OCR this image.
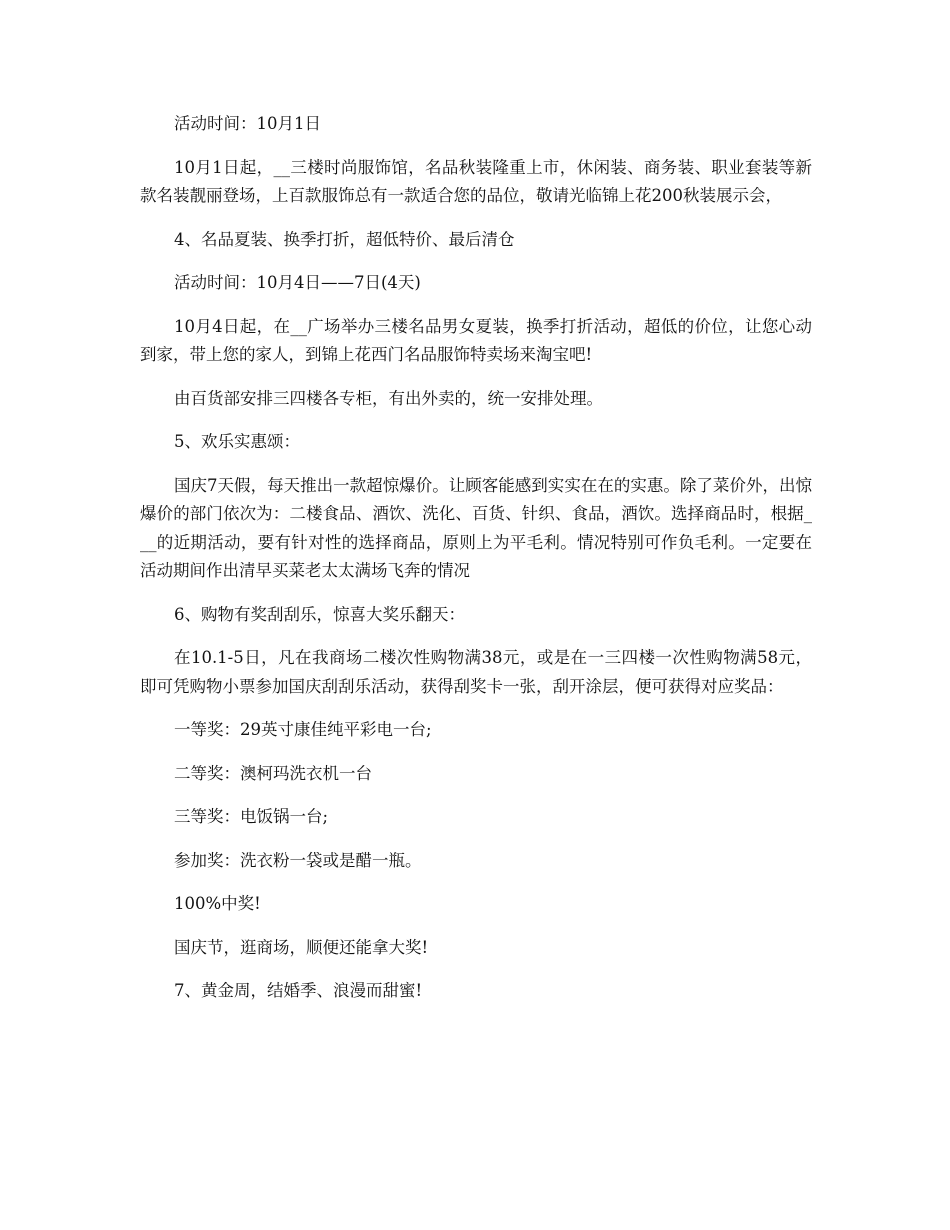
活动时间：10月1日

10月1日起，__三楼时尚服饰馆，名品秋装隆重上市，休闲装、商务装、职业套装等新款名装靓丽登场，上百款服饰总有一款适合您的品位，敬请光临锦上花200秋装展示会，

4、名品夏装、换季打折，超低特价、最后清仓

活动时间：10月4日——7日(4天)

10月4日起，在__广场举办三楼名品男女夏装，换季打折活动，超低的价位，让您心动到家，带上您的家人，到锦上花西门名品服饰特卖场来淘宝吧!

由百货部安排三四楼各专柜，有出外卖的，统一安排处理。

5、欢乐实惠颂：

国庆7天假，每天推出一款超惊爆价。让顾客能感到实实在在的实惠。除了菜价外，出惊爆价的部门依次为：二楼食品、酒饮、洗化、百货、针织、食品，酒饮。选择商品时，根据___的近期活动，要有针对性的选择商品，原则上为平毛利。情况特别可作负毛利。一定要在活动期间作出清早买菜老太太满场飞奔的情况

6、购物有奖刮刮乐，惊喜大奖乐翻天：

在10.1-5日，凡在我商场二楼次性购物满38元，或是在一三四楼一次性购物满58元，即可凭购物小票参加国庆刮刮乐活动，获得刮奖卡一张，刮开涂层，便可获得对应奖品：

一等奖：29英寸康佳纯平彩电一台;

二等奖：澳柯玛洗衣机一台

三等奖：电饭锅一台;

参加奖：洗衣粉一袋或是醋一瓶。

100%中奖!

国庆节，逛商场，顺便还能拿大奖!

7、黄金周，结婚季、浪漫而甜蜜!
